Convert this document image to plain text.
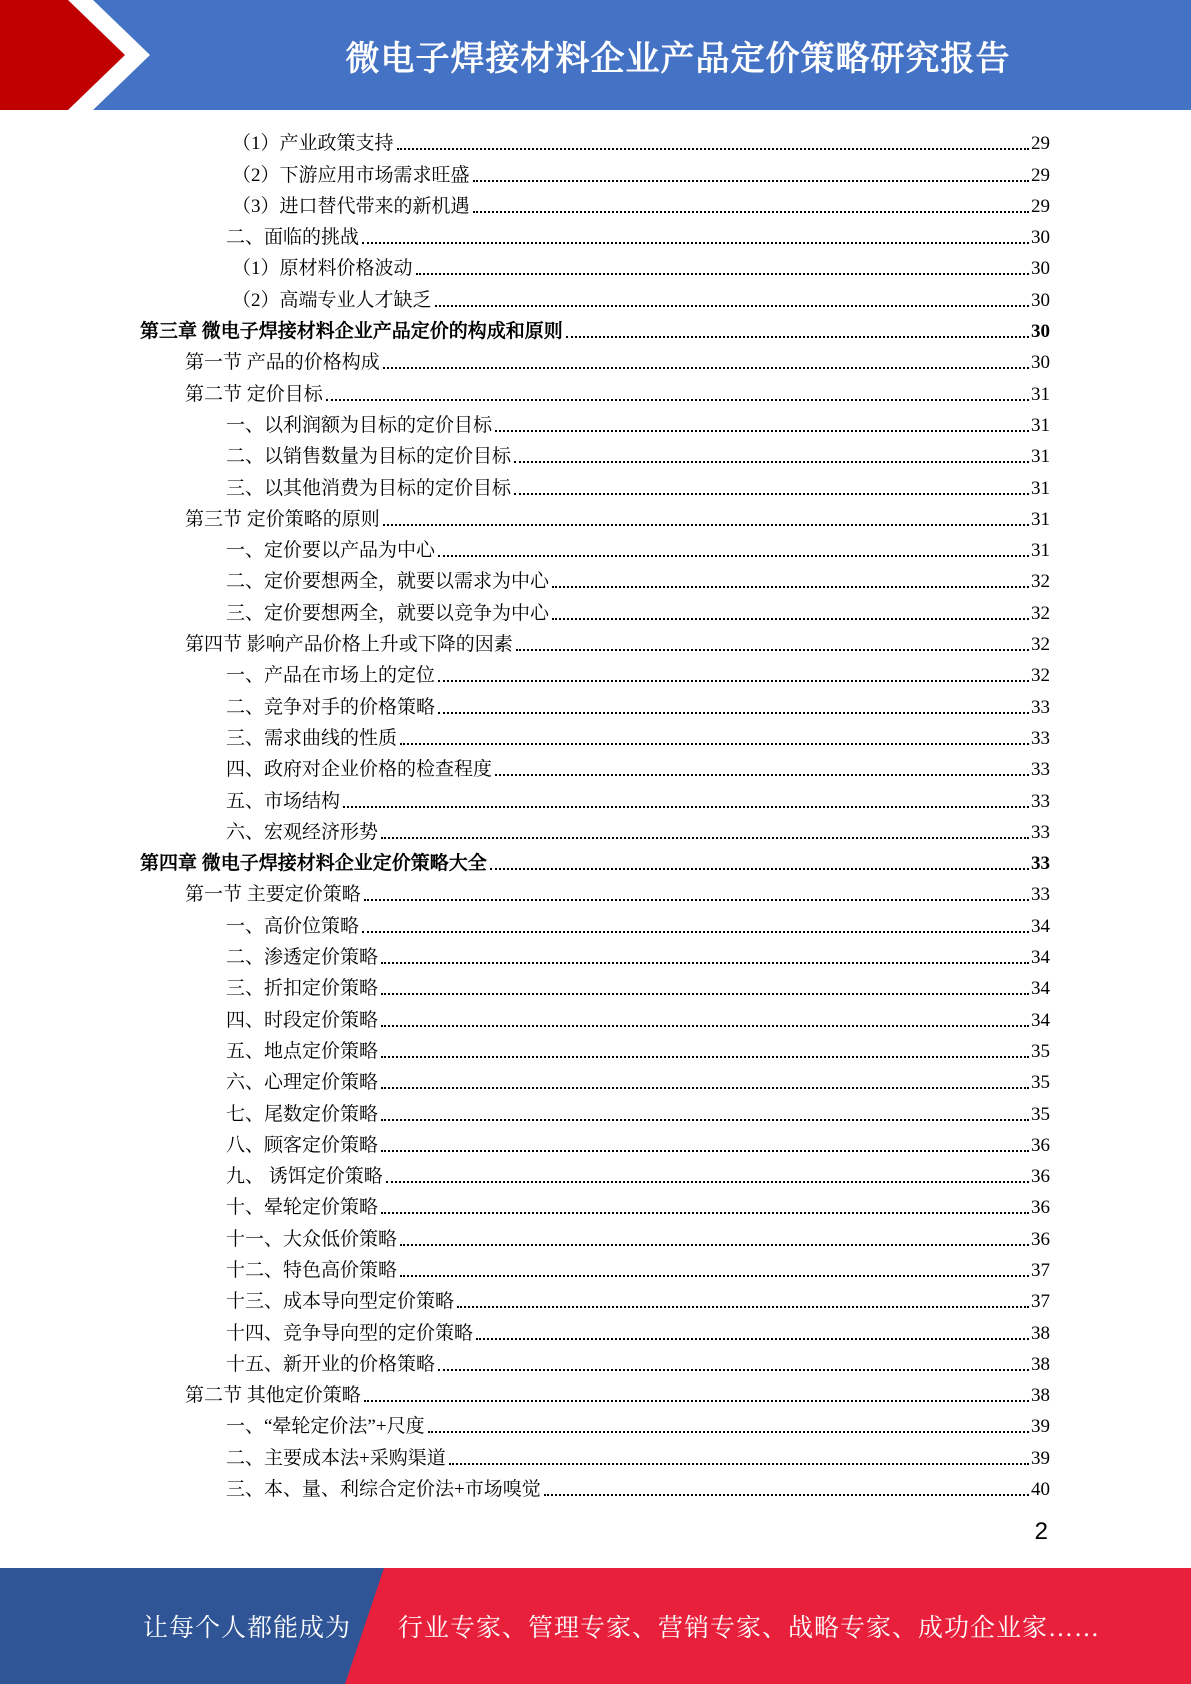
微电子焊接材料企业产品定价策略研究报告
（1）产业政策支持	29
（2）下游应用市场需求旺盛	29
（3）进口替代带来的新机遇	29
二、面临的挑战	30
（1）原材料价格波动	30
（2）高端专业人才缺乏	30
第三章 微电子焊接材料企业产品定价的构成和原则	30
第一节 产品的价格构成	30
第二节 定价目标	31
一、以利润额为目标的定价目标	31
二、以销售数量为目标的定价目标	31
三、以其他消费为目标的定价目标	31
第三节 定价策略的原则	31
一、定价要以产品为中心	31
二、定价要想两全，就要以需求为中心	32
三、定价要想两全，就要以竞争为中心	32
第四节 影响产品价格上升或下降的因素	32
一、产品在市场上的定位	32
二、竞争对手的价格策略	33
三、需求曲线的性质	33
四、政府对企业价格的检查程度	33
五、市场结构	33
六、宏观经济形势	33
第四章 微电子焊接材料企业定价策略大全	33
第一节 主要定价策略	33
一、高价位策略	34
二、渗透定价策略	34
三、折扣定价策略	34
四、时段定价策略	34
五、地点定价策略	35
六、心理定价策略	35
七、尾数定价策略	35
八、顾客定价策略	36
九、 诱饵定价策略	36
十、晕轮定价策略	36
十一、大众低价策略	36
十二、特色高价策略	37
十三、成本导向型定价策略	37
十四、竞争导向型的定价策略	38
十五、新开业的价格策略	38
第二节 其他定价策略	38
一、“晕轮定价法”+尺度	39
二、主要成本法+采购渠道	39
三、本、量、利综合定价法+市场嗅觉	40
2
让每个人都能成为 行业专家、管理专家、营销专家、战略专家、成功企业家……
